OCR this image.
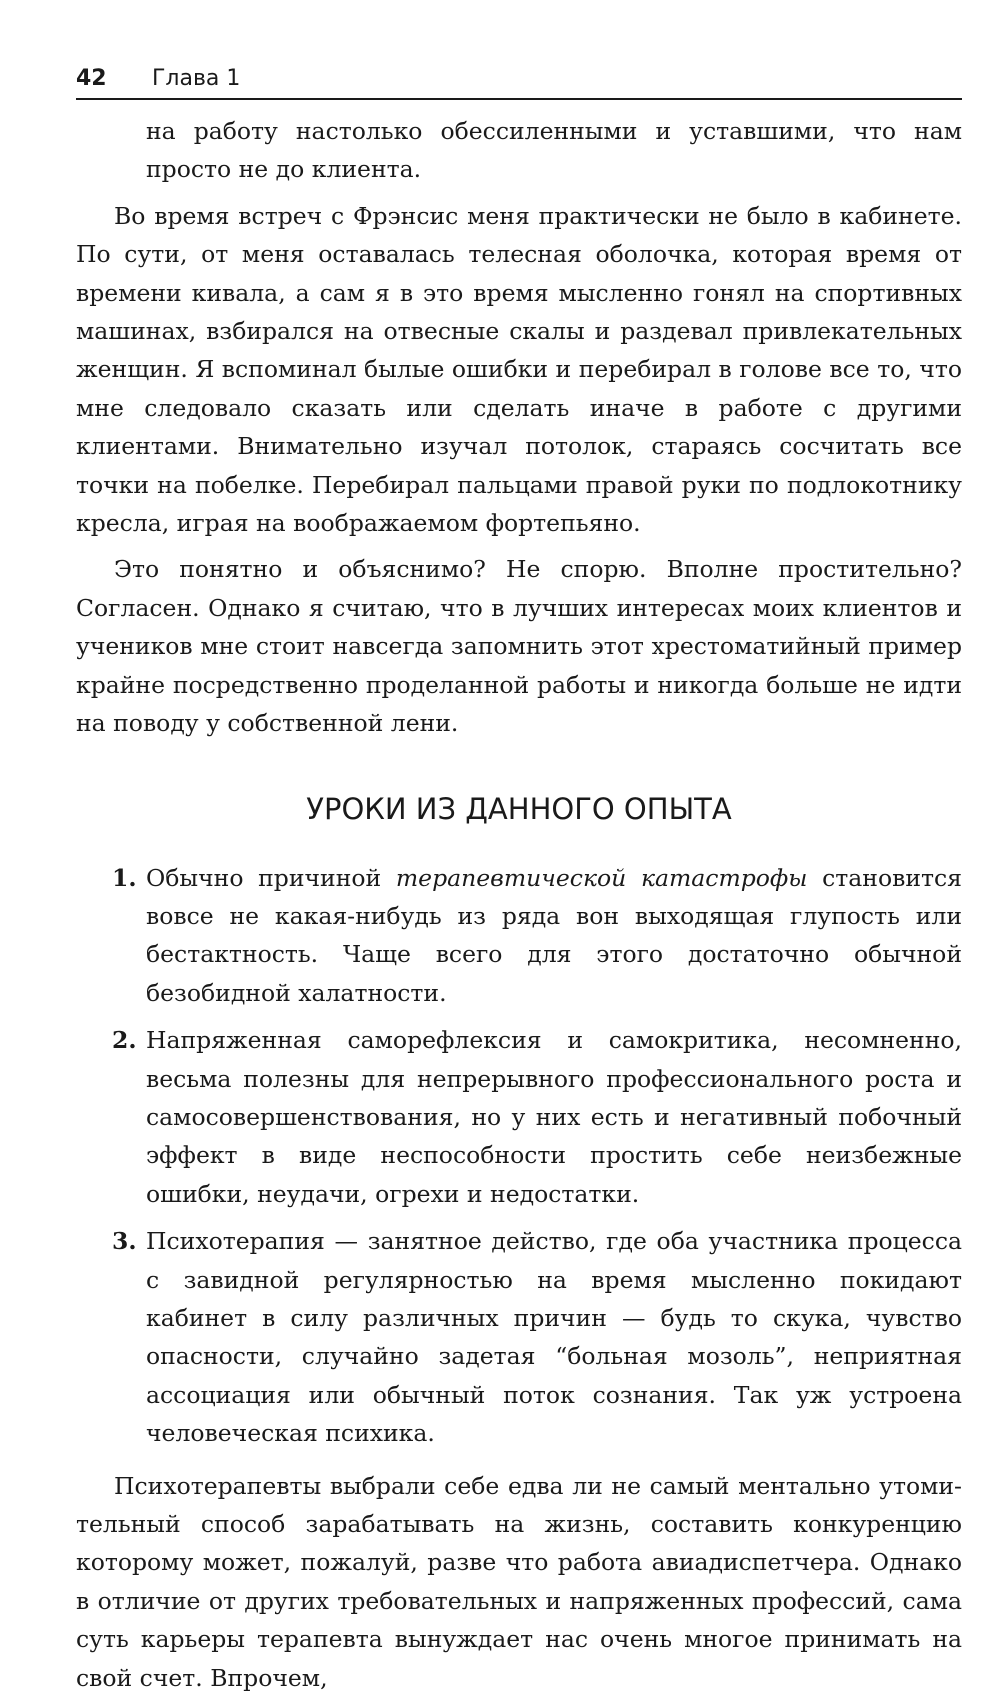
42 Глава 1

на работу настолько обессиленными и уставшими, что нам просто не до клиента.

Во время встреч с Фрэнсис меня практически не было в кабинете. По сути, от меня оставалась телесная оболочка, которая время от времени кивала, а сам я в это время мысленно гонял на спортивных машинах, взбирался на отвесные скалы и раздевал привлекательных женщин. Я вспоминал былые ошибки и перебирал в голове все то, что мне следовало сказать или сделать иначе в работе с другими клиентами. Внимательно изучал потолок, стараясь сосчитать все точки на побелке. Перебирал пальцами правой руки по подлокотнику кресла, играя на воображаемом фортепьяно.

Это понятно и объяснимо? Не спорю. Вполне простительно? Согласен. Однако я считаю, что в лучших интересах моих клиентов и учеников мне стоит навсегда запомнить этот хрестоматийный пример крайне посредственно проделанной работы и никогда больше не идти на поводу у собственной лени.

УРОКИ ИЗ ДАННОГО ОПЫТА
1. Обычно причиной терапевтической катастрофы становится вовсе не какая-нибудь из ряда вон выходящая глупость или бестактность. Чаще всего для этого достаточно обычной безобидной халатности.
2. Напряженная саморефлексия и самокритика, несомненно, весьма полезны для непрерывного профессионального роста и самосовершенствования, но у них есть и негативный побочный эффект в виде неспособности простить себе неизбежные ошибки, неудачи, огрехи и недостатки.
3. Психотерапия — занятное действо, где оба участника процесса с завидной регулярностью на время мысленно покидают кабинет в силу различных причин — будь то скука, чувство опасности, случайно задетая “больная мозоль”, неприятная ассоциация или обычный поток сознания. Так уж устроена человеческая психика.

Психотерапевты выбрали себе едва ли не самый ментально утомительный способ зарабатывать на жизнь, составить конкуренцию которому может, пожалуй, разве что работа авиадиспетчера. Однако в отличие от других требовательных и напряженных профессий, сама суть карьеры терапевта вынуждает нас очень многое принимать на свой счет. Впрочем,
